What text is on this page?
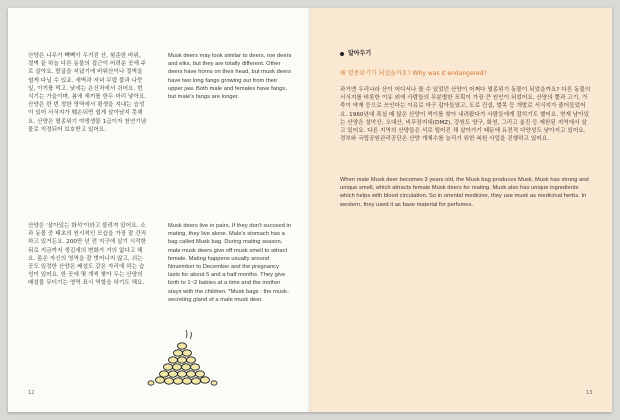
산양은 나무가 빽빽이 우거진 산, 험준한 바위, 절벽 끝 하늘 다른 동물의 접근이 어려운 곳에 주로 살아요. 발굽을 지녔기에 바위산이나 절벽을 쉽게 다닐 수 있죠. 새벽과 저녁 무렵 풀과 나뭇잎, 이끼를 먹고, 낮에는 은신처에서 쉬어요. 번식기는 가을이며, 봄에 새끼를 한두 마리 낳아요. 산양은 한 번 정한 영역에서 평생을 지내는 습성이 있어 서식지가 훼손되면 쉽게 살아남지 못해요. 산양은 멸종위기 야생생물 1급이자 천연기념물로 지정되어 보호받고 있어요.
산양은 '살아있는 화석'이라고 불려져 있어요. 소과 동물 중 태초의 원시적인 모습을 가장 잘 간직하고 있거든요. 200만 년 전 지구에 살기 시작한 뒤로 지금까지 생김새의 변화가 거의 없다고 해요. 몸은 자신의 영역을 잘 벗어나지 않고, 쉬는 곳도 일정한 산양은 배설도 같은 자리에 하는 습성이 있어요. 한 곳에 몇 개씩 쌓아 두는 산양의 배설물 무더기는 영역 표시 역할을 하기도 해요.
Musk deers may look similar to deers, roe deers and elks, but they are totally different. Other deers have horns on their head, but musk deers have two long fangs growing out from their upper jaw. Both male and females have fangs, but male's fangs are longer.
Musk deers live in pairs. If they don't succeed in mating, they live alone. Male's stomach has a bag called Musk bag. During mating season, male musk deers give off musk smell to attract female. Mating happens usually around November to December and the pregnancy lasts for about 5 and a half months. They give birth to 1~2 babies at a time and the mother stays with the children. *Musk bags : the musk-secreting gland of a male musk deer.
12
알아두기
왜 멸종위기가 되었을까요? Why was it endangered?
과거엔 우리나라 산이 어디서나 볼 수 있었던 산양이 어쩌다 멸종위기 동물이 되었을까요? 다른 동물의 서식지를 비롯한 이유 외에 사람들의 무분별한 포획이 가장 큰 원인이 되었어요. 산양의 뿔과 고기, 가죽이 약재 등으로 쓰인다는 이유로 마구 잡아들였고, 도로 건설, 벌목 등 개발로 서식지가 줄어들었어요. 1960년대 폭설 때 많은 산양이 먹이를 찾아 내려왔다가 사람들에게 잡히기도 했어요. 현재 남아있는 산양은 설악산, 오대산, 비무장지대(DMZ), 강원도 양구, 화천, 그리고 울진 등 제한된 지역에서 살고 있어요. 다른 지역의 산양들은 서로 떨어진 채 살아가기 때문에 유전적 다양성도 낮아지고 있어요. 정부와 국립공원관리공단은 산양 개체수를 늘리기 위한 복원 사업을 진행하고 있어요.
When male Musk deer becomes 3 years old, the Musk bag produces Musk. Musk has strong and unique smell, which attracts female Musk deers for mating. Musk also has unique ingredients which helps with blood circulation. So in oriental medicine, they use musk as medicinal herbs. In western, they used it as base material for perfumes.
13
